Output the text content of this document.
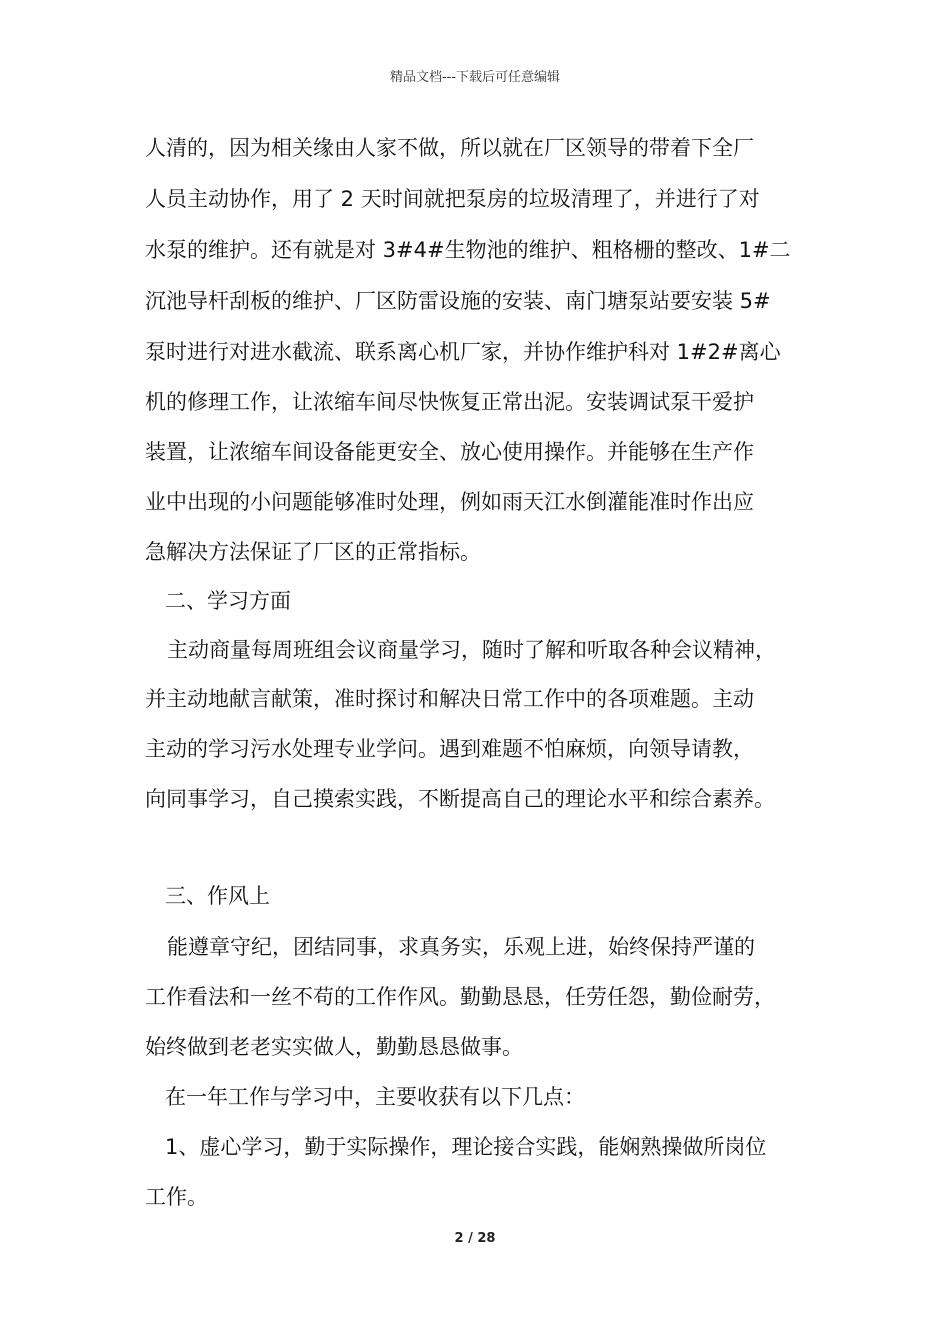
精品文档---下载后可任意编辑
人清的，因为相关缘由人家不做，所以就在厂区领导的带着下全厂
人员主动协作，用了 2 天时间就把泵房的垃圾清理了，并进行了对
水泵的维护。还有就是对 3#4#生物池的维护、粗格栅的整改、1#二
沉池导杆刮板的维护、厂区防雷设施的安装、南门塘泵站要安装 5#
泵时进行对进水截流、联系离心机厂家，并协作维护科对 1#2#离心
机的修理工作，让浓缩车间尽快恢复正常出泥。安装调试泵干爱护
装置，让浓缩车间设备能更安全、放心使用操作。并能够在生产作
业中出现的小问题能够准时处理，例如雨天江水倒灌能准时作出应
急解决方法保证了厂区的正常指标。
二、学习方面
主动商量每周班组会议商量学习，随时了解和听取各种会议精神，
并主动地献言献策，准时探讨和解决日常工作中的各项难题。主动
主动的学习污水处理专业学问。遇到难题不怕麻烦，向领导请教，
向同事学习，自己摸索实践，不断提高自己的理论水平和综合素养。
三、作风上
能遵章守纪，团结同事，求真务实，乐观上进，始终保持严谨的
工作看法和一丝不苟的工作作风。勤勤恳恳，任劳任怨，勤俭耐劳，
始终做到老老实实做人，勤勤恳恳做事。
在一年工作与学习中，主要收获有以下几点：
1、虚心学习，勤于实际操作，理论接合实践，能娴熟操做所岗位
工作。
2 / 28
